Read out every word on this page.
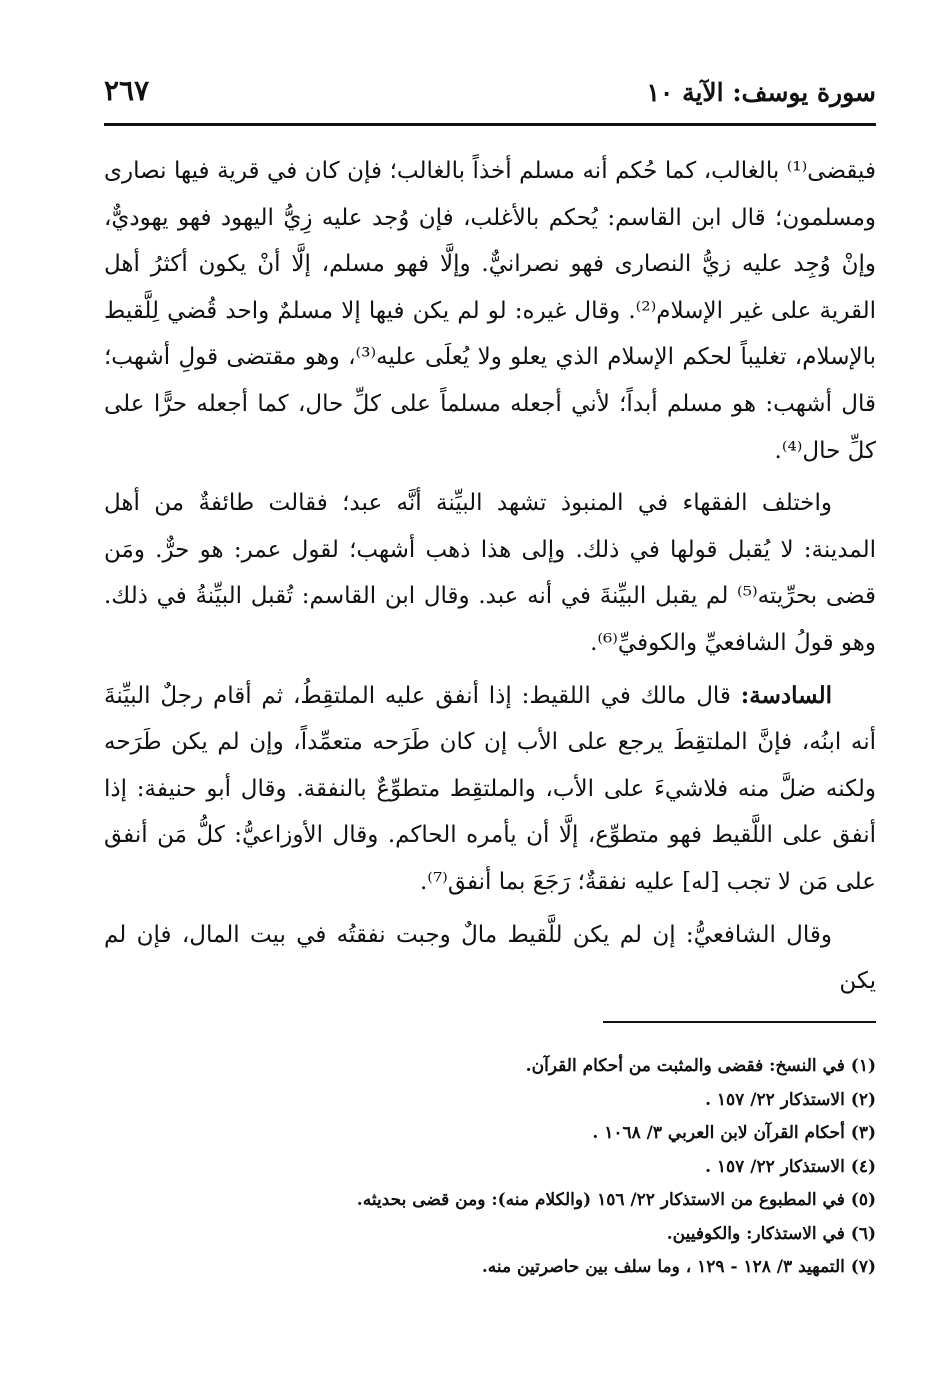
سورة يوسف: الآية ١٠
٢٦٧

فيقضى⁽¹⁾ بالغالب، كما حُكم أنه مسلم أخذاً بالغالب؛ فإن كان في قرية فيها نصارى ومسلمون؛ قال ابن القاسم: يُحكم بالأغلب، فإن وُجد عليه زِيُّ اليهود فهو يهوديٌّ، وإنْ وُجِد عليه زيُّ النصارى فهو نصرانيٌّ. وإلَّا فهو مسلم، إلَّا أنْ يكون أكثرُ أهل القرية على غير الإسلام⁽²⁾. وقال غيره: لو لم يكن فيها إلا مسلمٌ واحد قُضي لِلَّقيط بالإسلام، تغليباً لحكم الإسلام الذي يعلو ولا يُعلَى عليه⁽³⁾، وهو مقتضى قولِ أشهب؛ قال أشهب: هو مسلم أبداً؛ لأني أجعله مسلماً على كلِّ حال، كما أجعله حرًّا على كلِّ حال⁽⁴⁾.

واختلف الفقهاء في المنبوذ تشهد البيِّنة أنَّه عبد؛ فقالت طائفةٌ من أهل المدينة: لا يُقبل قولها في ذلك. وإلى هذا ذهب أشهب؛ لقول عمر: هو حرٌّ. ومَن قضى بحرِّيته⁽⁵⁾ لم يقبل البيِّنةَ في أنه عبد. وقال ابن القاسم: تُقبل البيِّنةُ في ذلك. وهو قولُ الشافعيِّ والكوفيِّ⁽⁶⁾.

السادسة: قال مالك في اللقيط: إذا أنفق عليه الملتقِطُ، ثم أقام رجلٌ البيِّنةَ أنه ابنُه، فإنَّ الملتقِطَ يرجع على الأب إن كان طَرَحه متعمِّداً، وإن لم يكن طَرَحه ولكنه ضلَّ منه فلاشيءَ على الأب، والملتقِط متطوِّعٌ بالنفقة. وقال أبو حنيفة: إذا أنفق على اللَّقيط فهو متطوِّع، إلَّا أن يأمره الحاكم. وقال الأوزاعيُّ: كلُّ مَن أنفق على مَن لا تجب [له] عليه نفقةٌ؛ رَجَعَ بما أنفق⁽⁷⁾.

وقال الشافعيُّ: إن لم يكن للَّقيط مالٌ وجبت نفقتُه في بيت المال، فإن لم يكن

(١) في النسخ: فقضى والمثبت من أحكام القرآن.

(٢) الاستذكار ٢٢/ ١٥٧ .

(٣) أحكام القرآن لابن العربي ٣/ ١٠٦٨ .

(٤) الاستذكار ٢٢/ ١٥٧ .

(٥) في المطبوع من الاستذكار ٢٢/ ١٥٦ (والكلام منه): ومن قضى بحديثه.

(٦) في الاستذكار: والكوفيين.

(٧) التمهيد ٣/ ١٢٨ - ١٢٩ ، وما سلف بين حاصرتين منه.
